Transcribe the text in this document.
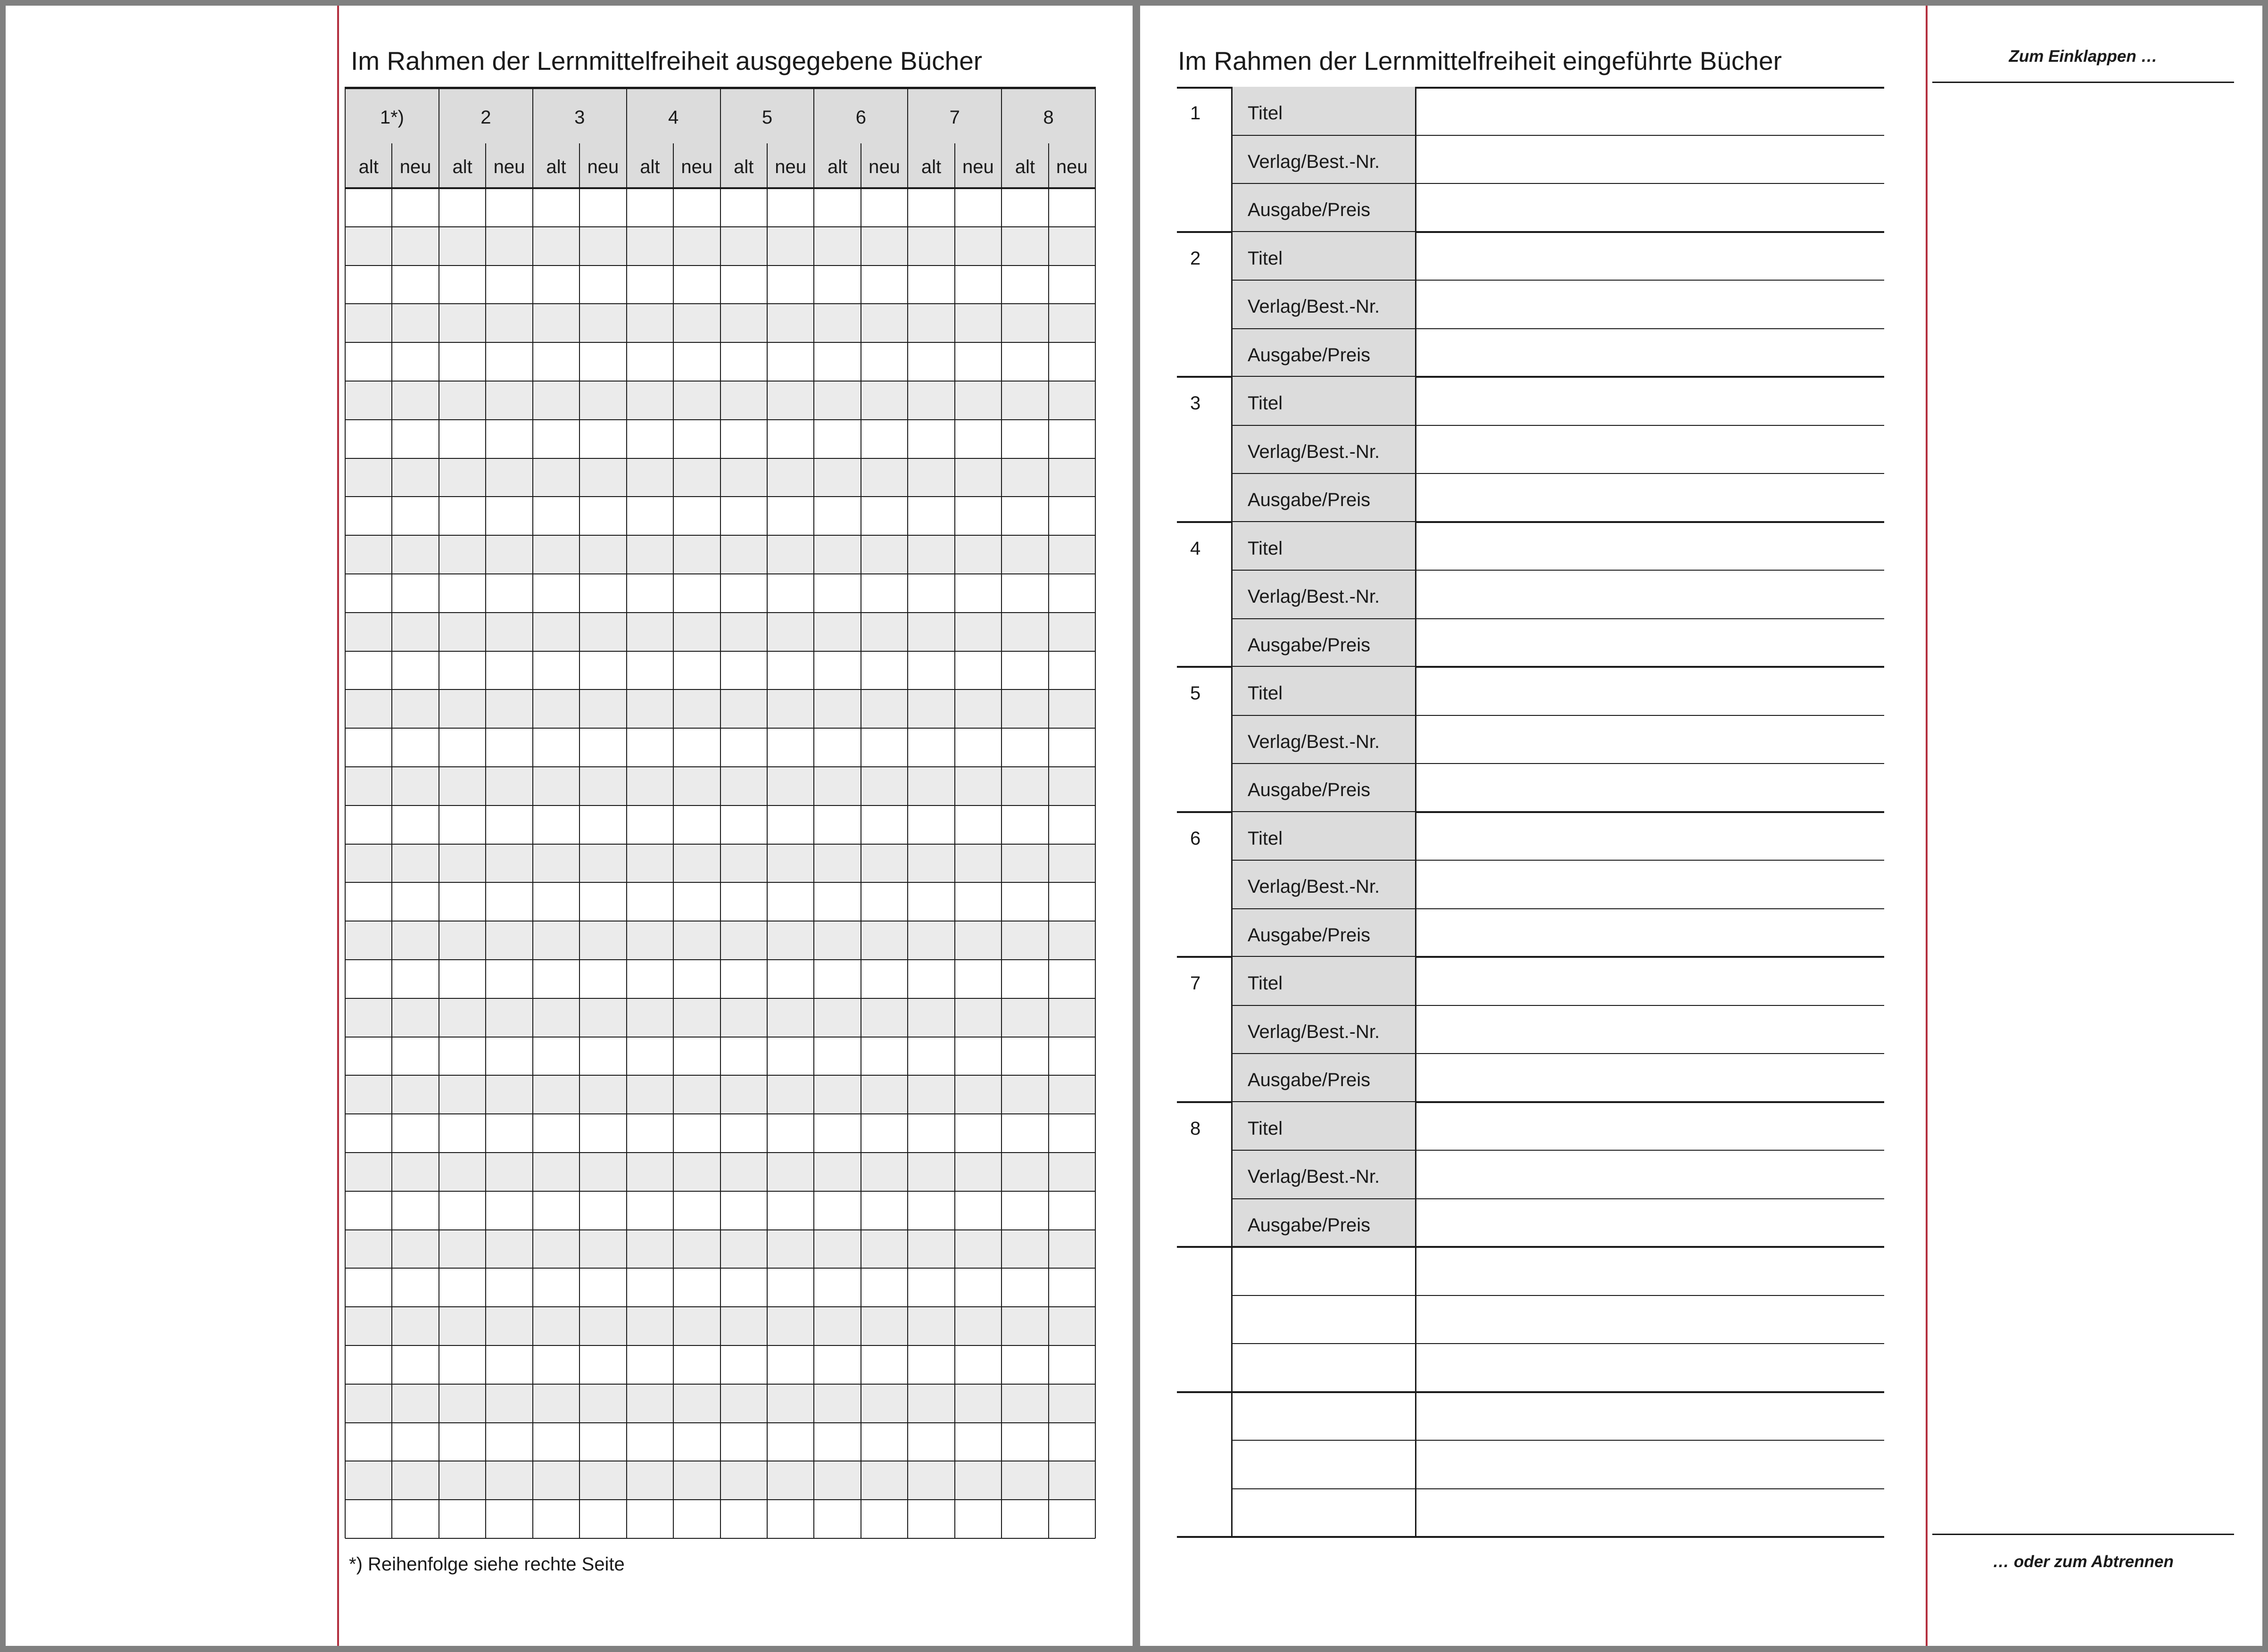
Im Rahmen der Lernmittelfreiheit ausgegebene Bücher
1*)	2	3	4	5	6	7	8
alt	neu	alt	neu	alt	neu	alt	neu	alt	neu	alt	neu	alt	neu	alt	neu
*) Reihenfolge siehe rechte Seite
Im Rahmen der Lernmittelfreiheit eingeführte Bücher
1 Titel
Verlag/Best.-Nr.
Ausgabe/Preis
2 Titel
Verlag/Best.-Nr.
Ausgabe/Preis
3 Titel
Verlag/Best.-Nr.
Ausgabe/Preis
4 Titel
Verlag/Best.-Nr.
Ausgabe/Preis
5 Titel
Verlag/Best.-Nr.
Ausgabe/Preis
6 Titel
Verlag/Best.-Nr.
Ausgabe/Preis
7 Titel
Verlag/Best.-Nr.
Ausgabe/Preis
8 Titel
Verlag/Best.-Nr.
Ausgabe/Preis
Zum Einklappen …
… oder zum Abtrennen
